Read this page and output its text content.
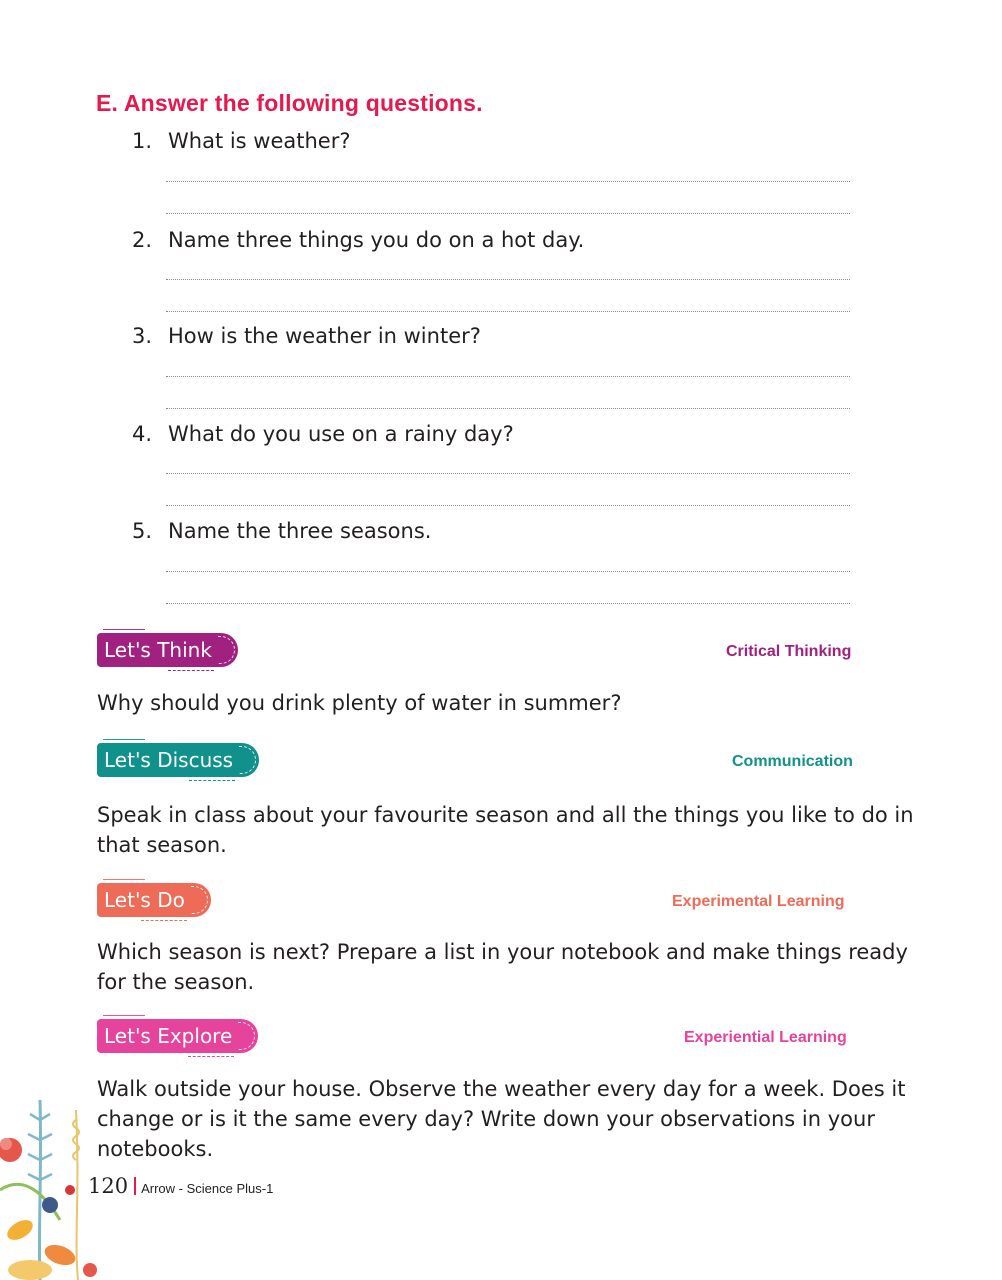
E. Answer the following questions.
1. What is weather?
2. Name three things you do on a hot day.
3. How is the weather in winter?
4. What do you use on a rainy day?
5. Name the three seasons.
Let's Think	Critical Thinking
Why should you drink plenty of water in summer?
Let's Discuss	Communication
Speak in class about your favourite season and all the things you like to do in that season.
Let's Do	Experimental Learning
Which season is next? Prepare a list in your notebook and make things ready for the season.
Let's Explore	Experiential Learning
Walk outside your house. Observe the weather every day for a week. Does it change or is it the same every day? Write down your observations in your notebooks.
120 Arrow - Science Plus-1
